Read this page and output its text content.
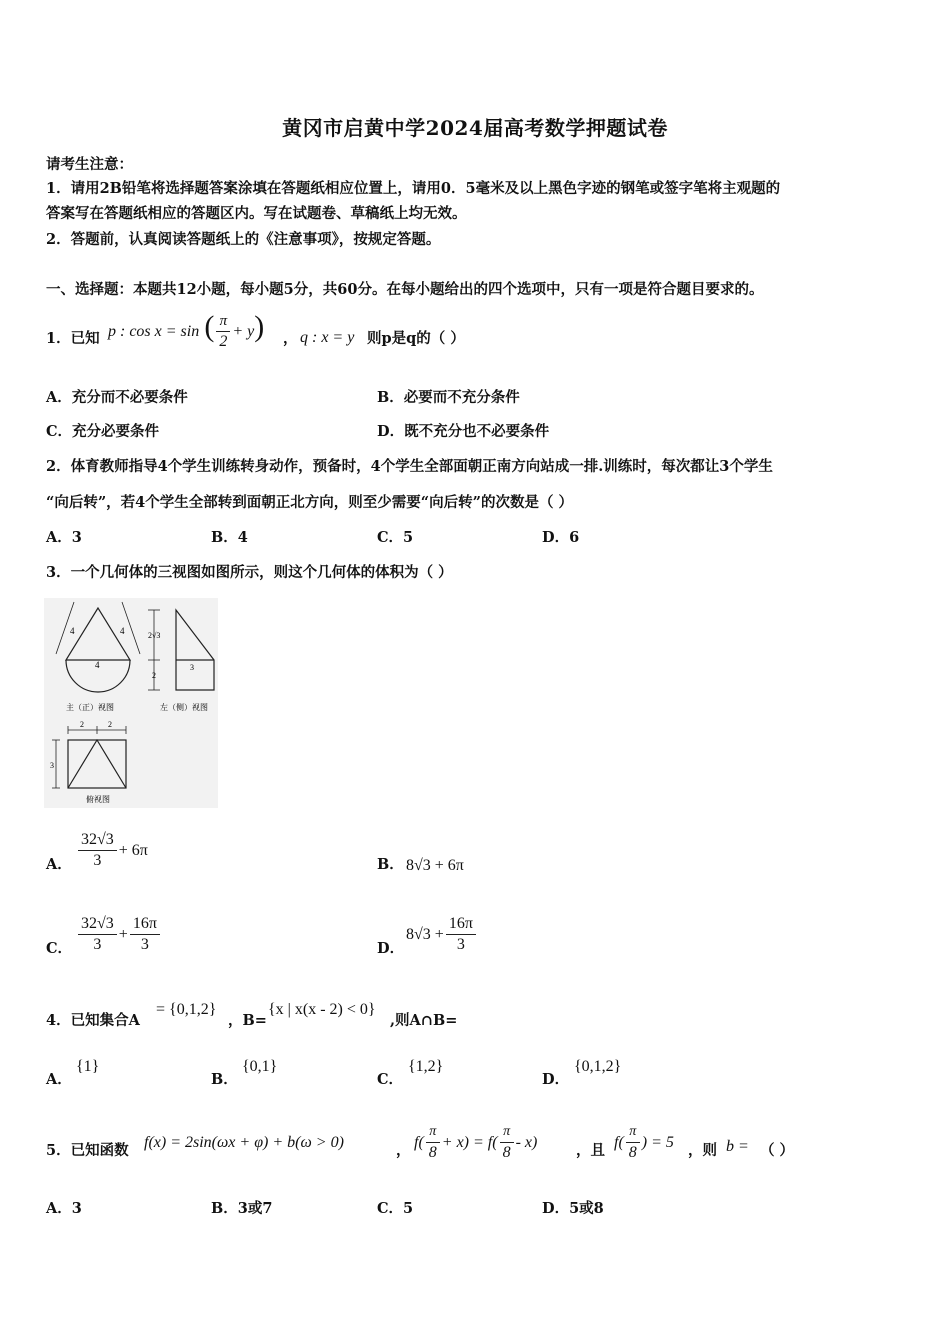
黄冈市启黄中学2024届高考数学押题试卷
请考生注意：
1．请用2B铅笔将选择题答案涂填在答题纸相应位置上，请用0．5毫米及以上黑色字迹的钢笔或签字笔将主观题的
答案写在答题纸相应的答题区内。写在试题卷、草稿纸上均无效。
2．答题前，认真阅读答题纸上的《注意事项》，按规定答题。
一、选择题：本题共12小题，每小题5分，共60分。在每小题给出的四个选项中，只有一项是符合题目要求的。
1．已知 p : cos x = sin ( $\frac{\pi}{2} + y$) ， q : x = y 则p是q的（ ）
A．充分而不必要条件	B．必要而不充分条件
C．充分必要条件	D．既不充分也不必要条件
2．体育教师指导4个学生训练转身动作，预备时，4个学生全部面朝正南方向站成一排.训练时，每次都让3个学生
“向后转”，若4个学生全部转到面朝正北方向，则至少需要“向后转”的次数是（ ）
A．3	B．4	C．5	D．6
3．一个几何体的三视图如图所示，则这个几何体的体积为（ ）
4	4
4
主（正）视图
2√3
2
3
左（侧）视图
2	2
3
俯视图
A． $\frac{32√3}{3} + 6\pi$
B． 8√3 + 6π
C． $\frac{32√3}{3} + \frac{16\pi}{3}$	D．
$8√3 + \frac{16\pi}{3}$
4．已知集合A
= {0,1,2}
，B=
{x | x(x - 2) < 0}
,则A∩B=
A．
{1}
B．
{0,1}
C．
{1,2}
D．
{0,1,2}
5．已知函数 f(x) = 2sin(ωx + φ) + b(ω > 0)	， $f( \frac{\pi}{8} + x) = f( \frac{\pi}{8} - x)$	，且 $f( \frac{\pi}{8}$ ) = 5 ，则 b = （ ）
A．3	B．3或7	C．5	D．5或8
